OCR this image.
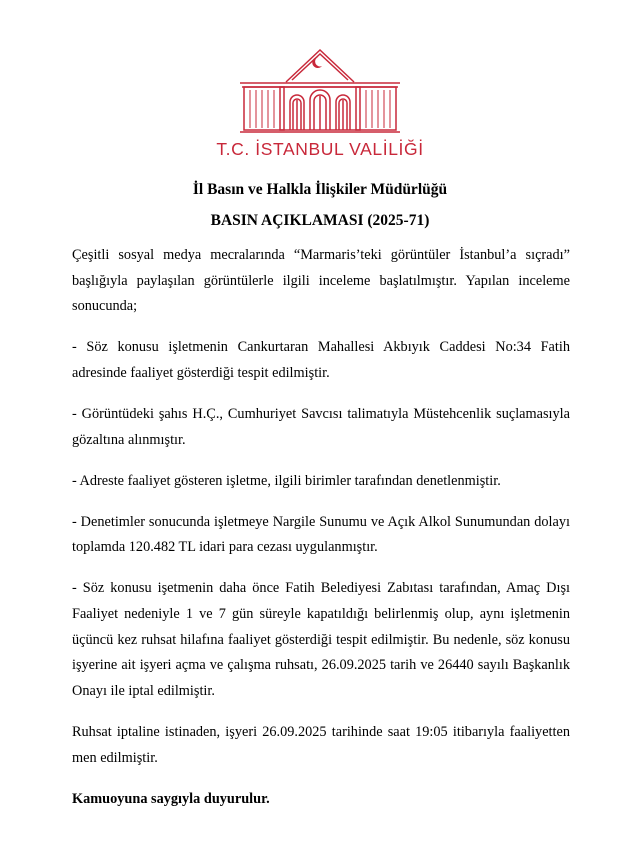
T.C. İSTANBUL VALİLİĞİ
İl Basın ve Halkla İlişkiler Müdürlüğü
BASIN AÇIKLAMASI (2025-71)

Çeşitli sosyal medya mecralarında “Marmaris’teki görüntüler İstanbul’a sıçradı” başlığıyla paylaşılan görüntülerle ilgili inceleme başlatılmıştır. Yapılan inceleme sonucunda;

- Söz konusu işletmenin Cankurtaran Mahallesi Akbıyık Caddesi No:34 Fatih adresinde faaliyet gösterdiği tespit edilmiştir.

- Görüntüdeki şahıs H.Ç., Cumhuriyet Savcısı talimatıyla Müstehcenlik suçlamasıyla gözaltına alınmıştır.

- Adreste faaliyet gösteren işletme, ilgili birimler tarafından denetlenmiştir.

- Denetimler sonucunda işletmeye Nargile Sunumu ve Açık Alkol Sunumundan dolayı toplamda 120.482 TL idari para cezası uygulanmıştır.

- Söz konusu işetmenin daha önce Fatih Belediyesi Zabıtası tarafından, Amaç Dışı Faaliyet nedeniyle 1 ve 7 gün süreyle kapatıldığı belirlenmiş olup, aynı işletmenin üçüncü kez ruhsat hilafına faaliyet gösterdiği tespit edilmiştir. Bu nedenle, söz konusu işyerine ait işyeri açma ve çalışma ruhsatı, 26.09.2025 tarih ve 26440 sayılı Başkanlık Onayı ile iptal edilmiştir.

Ruhsat iptaline istinaden, işyeri 26.09.2025 tarihinde saat 19:05 itibarıyla faaliyetten men edilmiştir.

Kamuoyuna saygıyla duyurulur.
